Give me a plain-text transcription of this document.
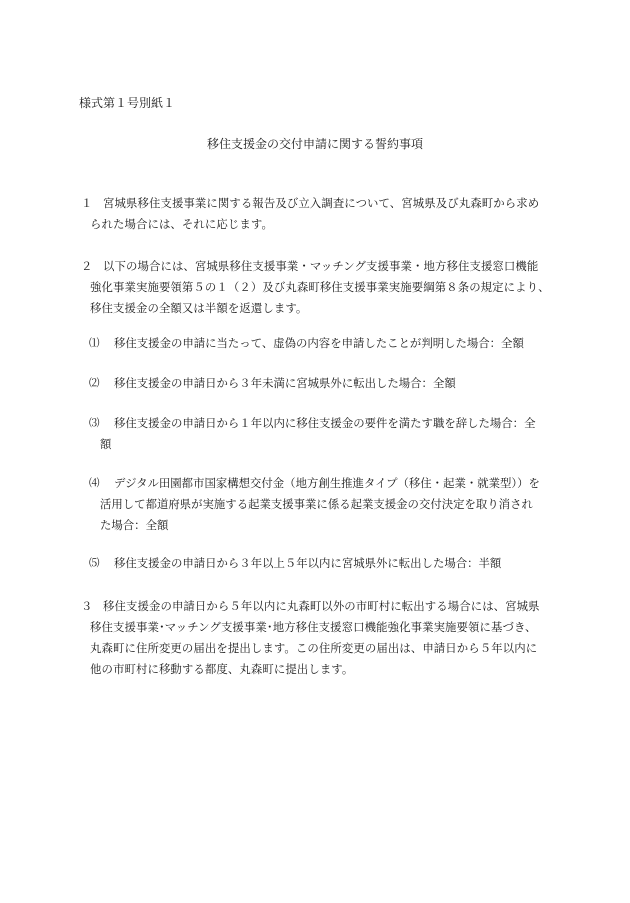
様式第１号別紙１
移住支援金の交付申請に関する誓約事項
１ 宮城県移住支援事業に関する報告及び立入調査について、宮城県及び丸森町から求め
られた場合には、それに応じます。
２ 以下の場合には、宮城県移住支援事業・マッチング支援事業・地方移住支援窓口機能
強化事業実施要領第５の１（２）及び丸森町移住支援事業実施要綱第８条の規定により、
移住支援金の全額又は半額を返還します。
⑴	移住支援金の申請に当たって、虚偽の内容を申請したことが判明した場合：全額
⑵	移住支援金の申請日から３年未満に宮城県外に転出した場合：全額
⑶	移住支援金の申請日から１年以内に移住支援金の要件を満たす職を辞した場合：全
額
⑷	デジタル田園都市国家構想交付金（地方創生推進タイプ（移住・起業・就業型））を
活用して都道府県が実施する起業支援事業に係る起業支援金の交付決定を取り消され
た場合：全額
⑸	移住支援金の申請日から３年以上５年以内に宮城県外に転出した場合：半額
３ 移住支援金の申請日から５年以内に丸森町以外の市町村に転出する場合には、宮城県
移住支援事業･マッチング支援事業･地方移住支援窓口機能強化事業実施要領に基づき、
丸森町に住所変更の届出を提出します。この住所変更の届出は、申請日から５年以内に
他の市町村に移動する都度、丸森町に提出します。
